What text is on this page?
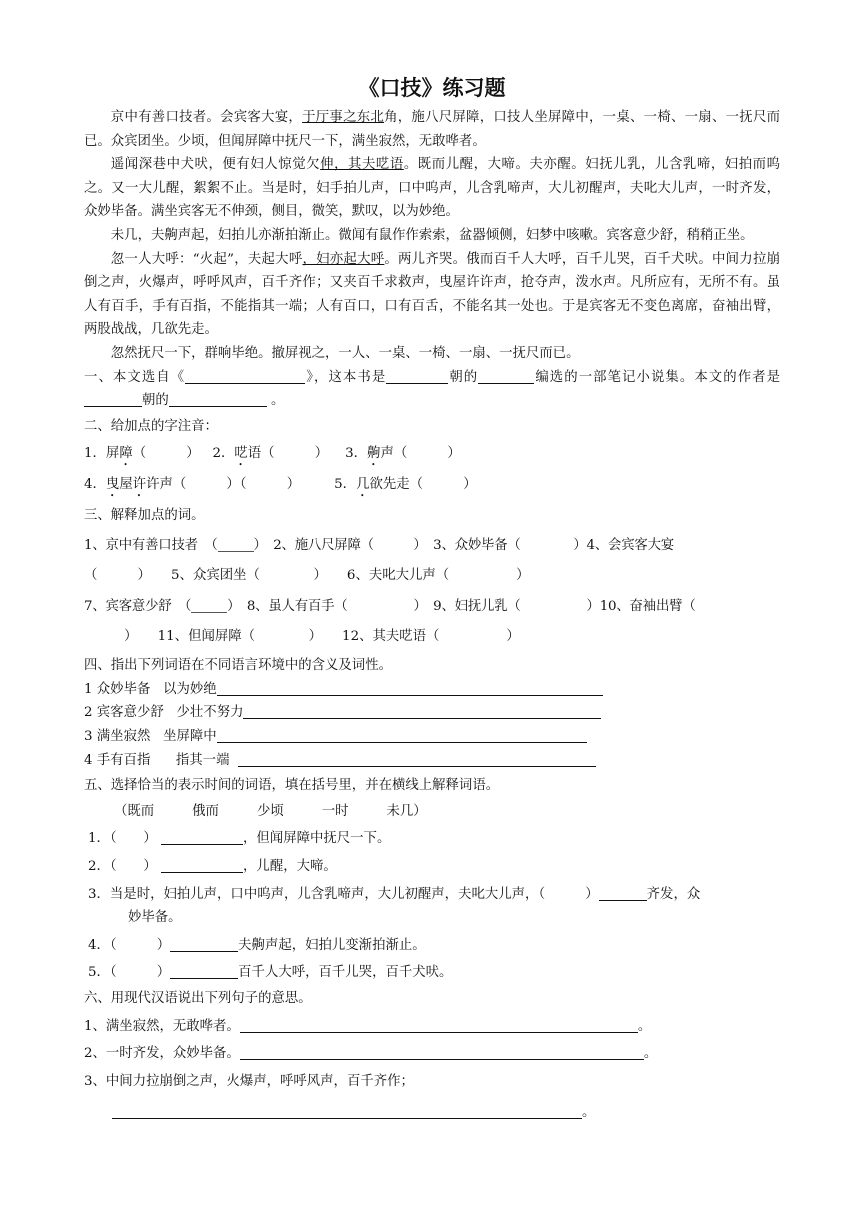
《口技》练习题

京中有善口技者。会宾客大宴，于厅事之东北角，施八尺屏障，口技人坐屏障中，一桌、一椅、一扇、一抚尺而已。众宾团坐。少顷，但闻屏障中抚尺一下，满坐寂然，无敢哗者。

遥闻深巷中犬吠，便有妇人惊觉欠伸，其夫呓语。既而儿醒，大啼。夫亦醒。妇抚儿乳，儿含乳啼，妇拍而呜之。又一大儿醒，絮絮不止。当是时，妇手拍儿声，口中呜声，儿含乳啼声，大儿初醒声，夫叱大儿声，一时齐发，众妙毕备。满坐宾客无不伸颈，侧目，微笑，默叹，以为妙绝。

未几，夫齁声起，妇拍儿亦渐拍渐止。微闻有鼠作作索索，盆器倾侧，妇梦中咳嗽。宾客意少舒，稍稍正坐。

忽一人大呼：“火起”，夫起大呼，妇亦起大呼。两儿齐哭。俄而百千人大呼，百千儿哭，百千犬吠。中间力拉崩倒之声，火爆声，呼呼风声，百千齐作；又夹百千求救声，曳屋许许声，抢夺声，泼水声。凡所应有，无所不有。虽人有百手，手有百指，不能指其一端；人有百口，口有百舌，不能名其一处也。于是宾客无不变色离席，奋袖出臂，两股战战，几欲先走。

忽然抚尺一下，群响毕绝。撤屏视之，一人、一桌、一椅、一扇、一抚尺而已。

一、本文选自《	》，这本书是	朝的	编选的一部笔记小说集。本文的作者是朝的	。

二、给加点的字注音：

1．屏障（　　　） 2．呓语（　　　） 3．齁声（　　　）

4．曳屋许许声（　　　）（　　　）	5．几欲先走（　　　）

三、解释加点的词。

1、京中有善口技者　（	）　2、施八尺屏障（　　　）　3、众妙毕备（　　　　）4、会宾客大宴

（　　　）　　5、众宾团坐（　　　　）　　6、夫叱大儿声（　　　　　）

7、宾客意少舒　（	）　8、虽人有百手（　　　　　）　9、妇抚儿乳（　　　　　）10、奋袖出臂（

　　　）　　11、但闻屏障（　　　　）　　12、其夫呓语（　　　　　）

四、指出下列词语在不同语言环境中的含义及词性。

1 众妙毕备 以为妙绝

2 宾客意少舒 少壮不努力

3 满坐寂然 坐屏障中

4 手有百指 指其一端

五、选择恰当的表示时间的词语，填在括号里，并在横线上解释词语。

（既而	俄而	少顷	一时	未几）

1．（　　）	，但闻屏障中抚尺一下。

2．（　　）	，儿醒，大啼。

3．当是时，妇拍儿声，口中呜声，儿含乳啼声，大儿初醒声，夫叱大儿声，（　　　）	齐发，众

妙毕备。

4．（　　　）	夫齁声起，妇拍儿变渐拍渐止。

5．（　　　）	百千人大呼，百千儿哭，百千犬吠。

六、用现代汉语说出下列句子的意思。

1、满坐寂然，无敢哗者。	。

2、一时齐发，众妙毕备。	。

3、中间力拉崩倒之声，火爆声，呼呼风声，百千齐作；

。
